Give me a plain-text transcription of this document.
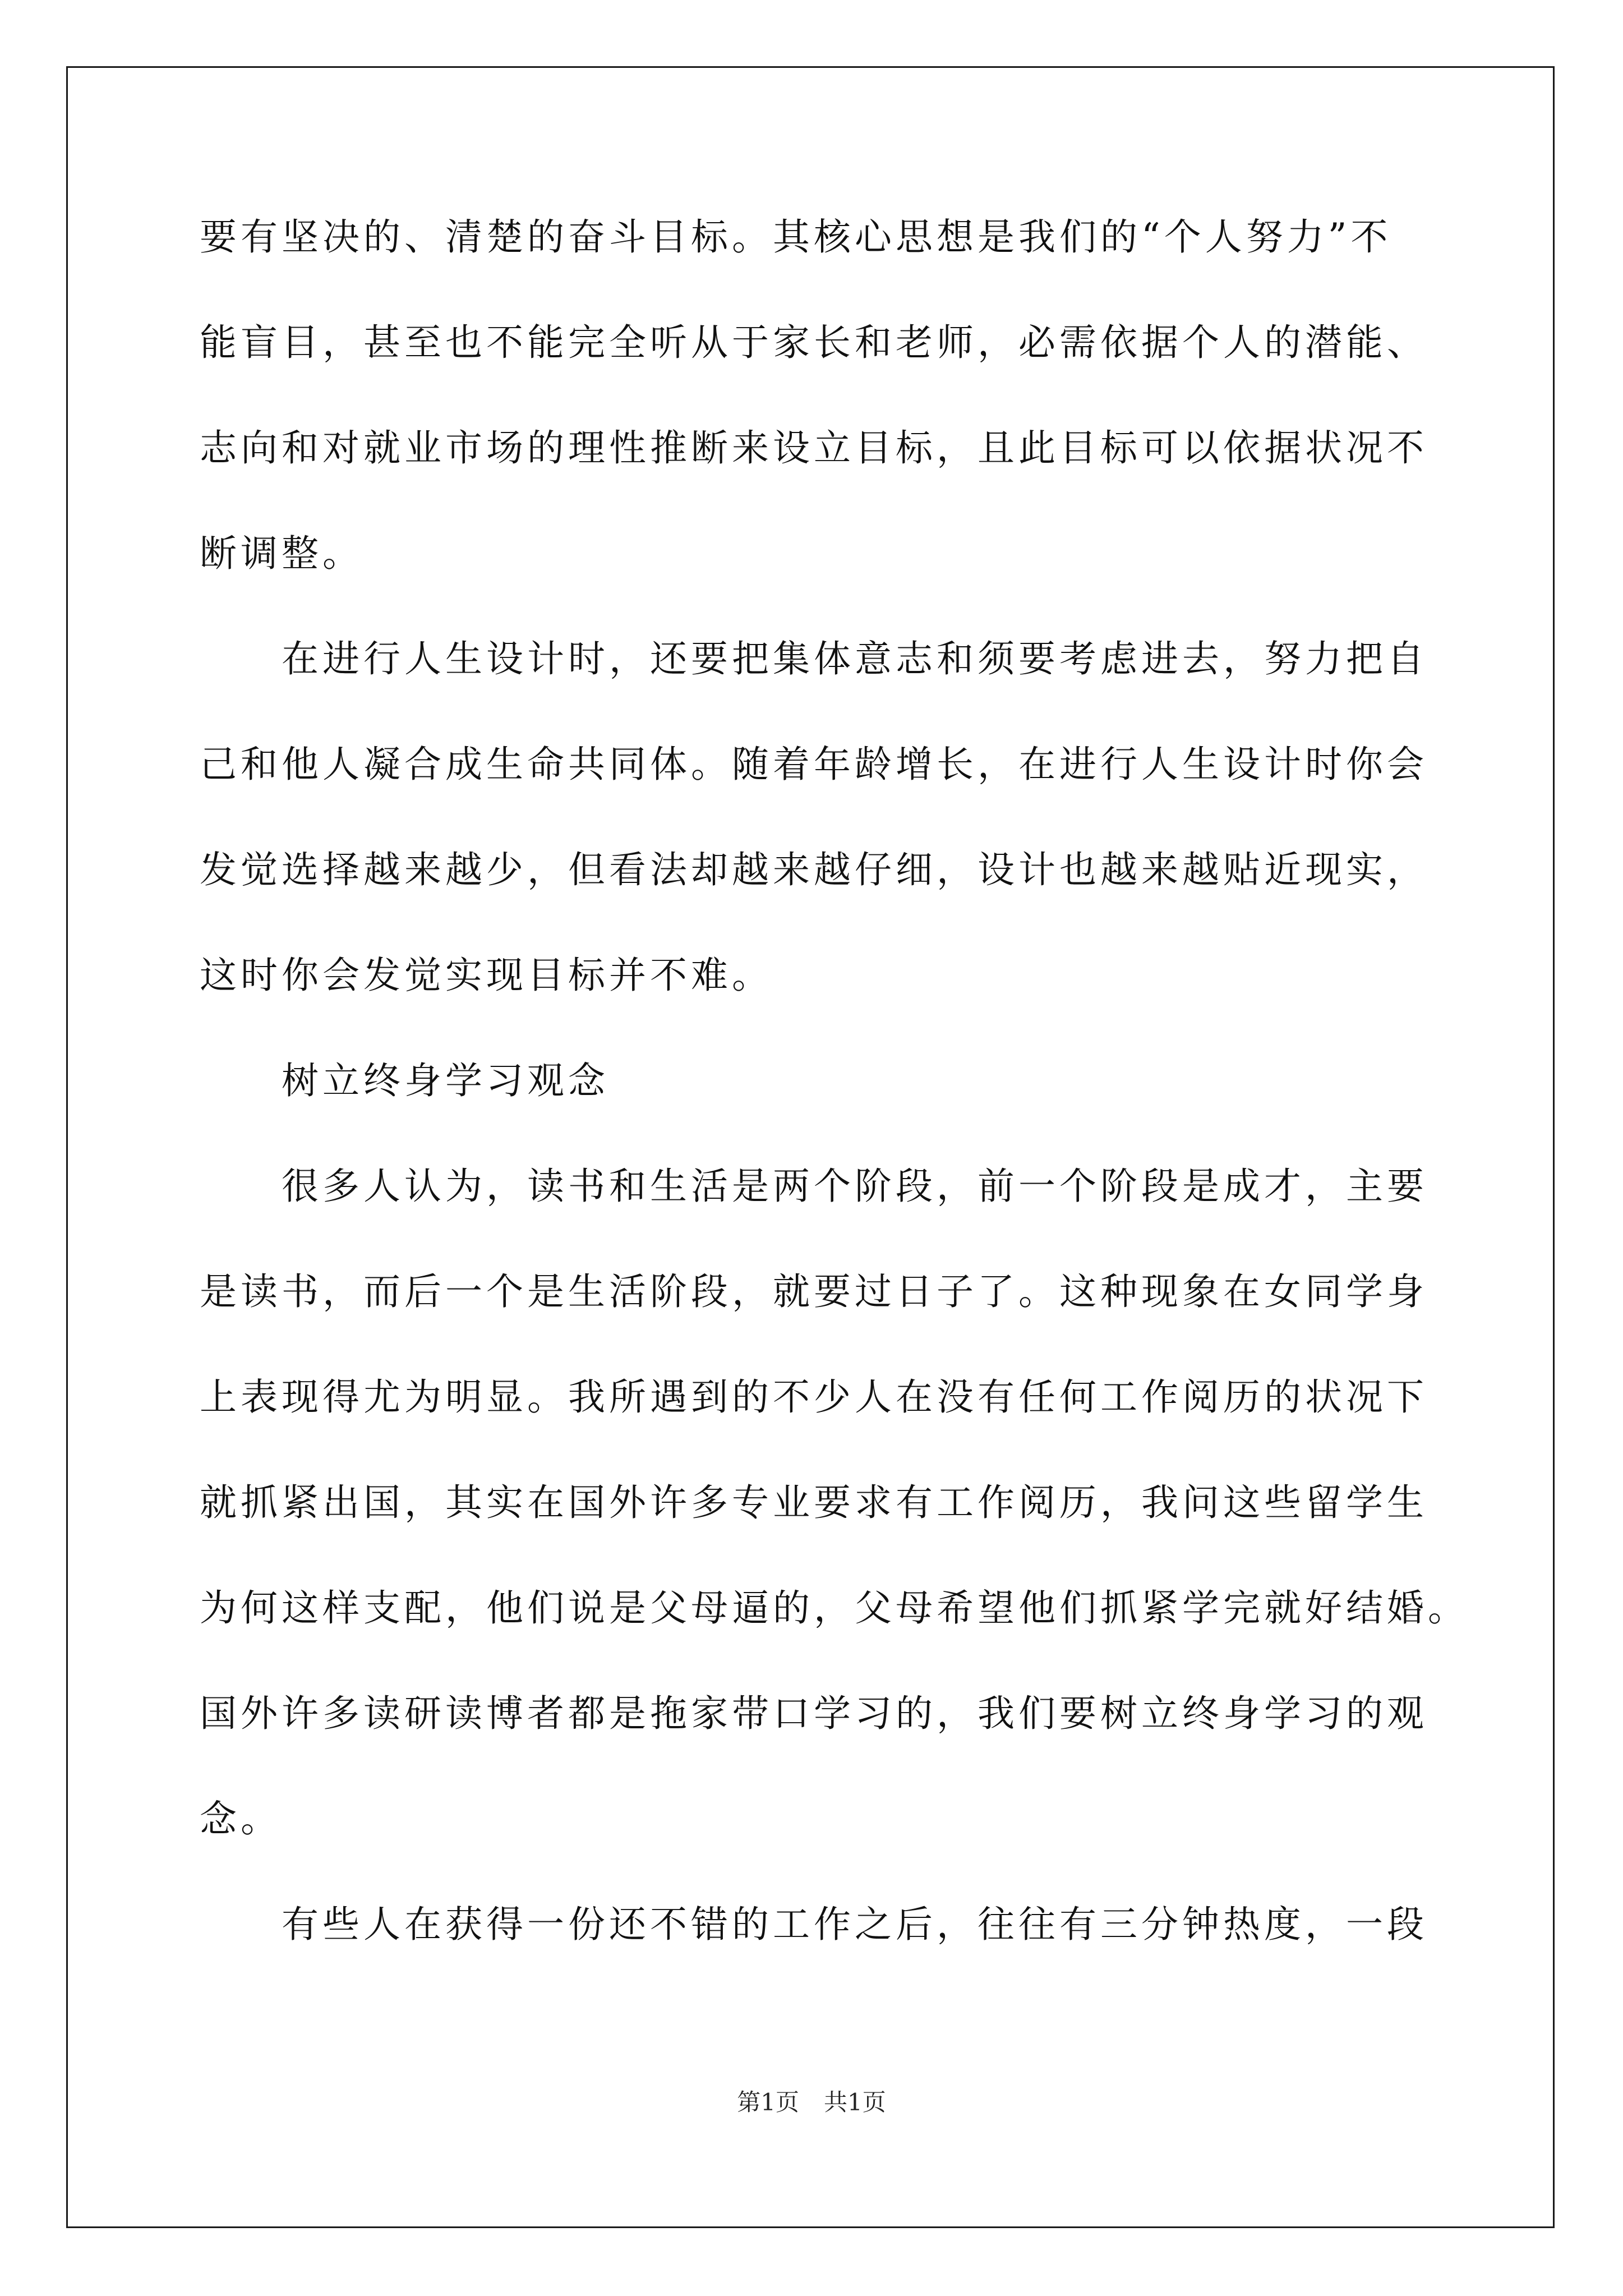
要有坚决的、清楚的奋斗目标。其核心思想是我们的“个人努力”不
能盲目，甚至也不能完全听从于家长和老师，必需依据个人的潜能、
志向和对就业市场的理性推断来设立目标，且此目标可以依据状况不
断调整。
在进行人生设计时，还要把集体意志和须要考虑进去，努力把自
己和他人凝合成生命共同体。随着年龄增长，在进行人生设计时你会
发觉选择越来越少，但看法却越来越仔细，设计也越来越贴近现实，
这时你会发觉实现目标并不难。
树立终身学习观念
很多人认为，读书和生活是两个阶段，前一个阶段是成才，主要
是读书，而后一个是生活阶段，就要过日子了。这种现象在女同学身
上表现得尤为明显。我所遇到的不少人在没有任何工作阅历的状况下
就抓紧出国，其实在国外许多专业要求有工作阅历，我问这些留学生
为何这样支配，他们说是父母逼的，父母希望他们抓紧学完就好结婚。
国外许多读研读博者都是拖家带口学习的，我们要树立终身学习的观
念。
有些人在获得一份还不错的工作之后，往往有三分钟热度，一段
第1页 共1页
